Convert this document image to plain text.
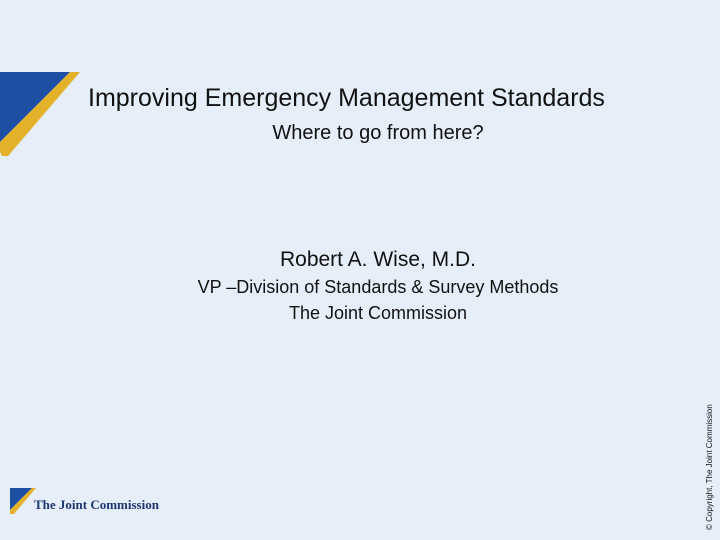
Improving Emergency Management Standards
Where to go from here?
Robert A. Wise, M.D.
VP –Division of Standards & Survey Methods
The Joint Commission
© Copyright, The Joint Commission
The Joint Commission
